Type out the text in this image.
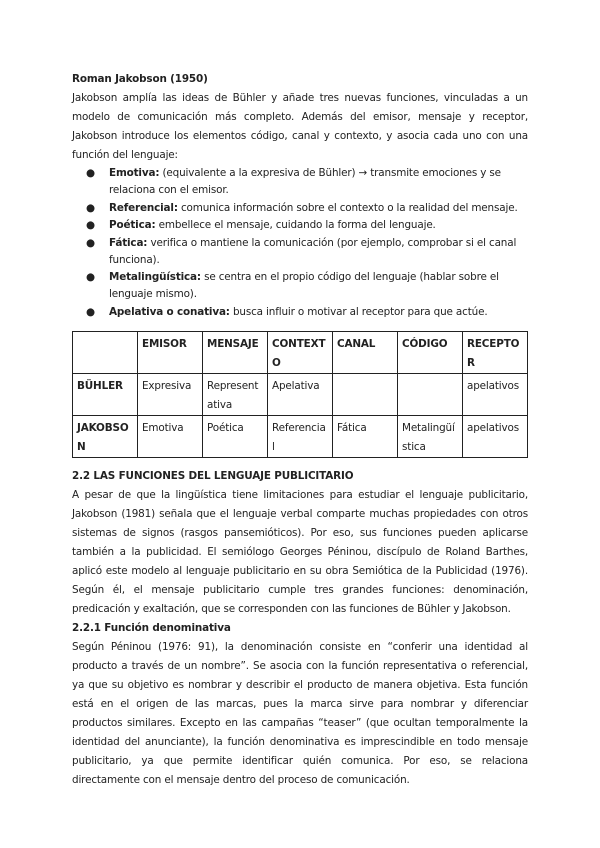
Roman Jakobson (1950)

Jakobson amplía las ideas de Bühler y añade tres nuevas funciones, vinculadas a un modelo de comunicación más completo. Además del emisor, mensaje y receptor, Jakobson introduce los elementos código, canal y contexto, y asocia cada uno con una función del lenguaje:

● Emotiva: (equivalente a la expresiva de Bühler) → transmite emociones y se relaciona con el emisor.
● Referencial: comunica información sobre el contexto o la realidad del mensaje.
● Poética: embellece el mensaje, cuidando la forma del lenguaje.
● Fática: verifica o mantiene la comunicación (por ejemplo, comprobar si el canal funciona).
● Metalingüística: se centra en el propio código del lenguaje (hablar sobre el lenguaje mismo).
● Apelativa o conativa: busca influir o motivar al receptor para que actúe.
	EMISOR	MENSAJE	CONTEXTO	CANAL	CÓDIGO	RECEPTOR
BÜHLER	Expresiva	Representativa	Apelativa			apelativos
JAKOBSON	Emotiva	Poética	Referencial	Fática	Metalingüística	apelativos

2.2 LAS FUNCIONES DEL LENGUAJE PUBLICITARIO

A pesar de que la lingüística tiene limitaciones para estudiar el lenguaje publicitario, Jakobson (1981) señala que el lenguaje verbal comparte muchas propiedades con otros sistemas de signos (rasgos pansemióticos). Por eso, sus funciones pueden aplicarse también a la publicidad. El semiólogo Georges Péninou, discípulo de Roland Barthes, aplicó este modelo al lenguaje publicitario en su obra Semiótica de la Publicidad (1976). Según él, el mensaje publicitario cumple tres grandes funciones: denominación, predicación y exaltación, que se corresponden con las funciones de Bühler y Jakobson.

2.2.1 Función denominativa

Según Péninou (1976: 91), la denominación consiste en “conferir una identidad al producto a través de un nombre”. Se asocia con la función representativa o referencial, ya que su objetivo es nombrar y describir el producto de manera objetiva. Esta función está en el origen de las marcas, pues la marca sirve para nombrar y diferenciar productos similares. Excepto en las campañas “teaser” (que ocultan temporalmente la identidad del anunciante), la función denominativa es imprescindible en todo mensaje publicitario, ya que permite identificar quién comunica. Por eso, se relaciona directamente con el mensaje dentro del proceso de comunicación.
